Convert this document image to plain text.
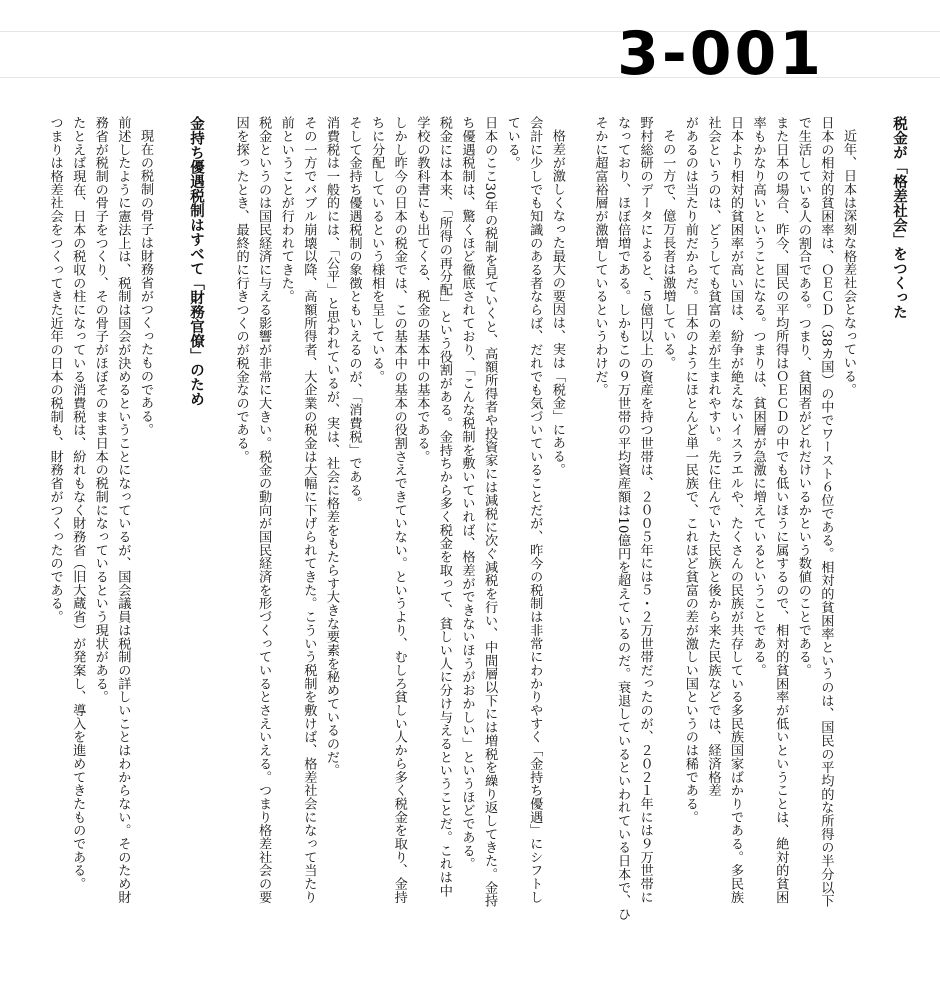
3-001
税金が「格差社会」をつくった

近年、日本は深刻な格差社会となっている。
日本の相対的貧困率は、ＯＥＣＤ（38カ国）の中でワースト６位である。相対的貧困率というのは、国民の平均的な所得の半分以下
で生活している人の割合である。つまり、貧困者がどれだけいるかという数値のことである。
また日本の場合、昨今、国民の平均所得はＯＥＣＤの中でも低いほうに属するので、相対的貧困率が低いということは、絶対的貧困
率もかなり高いということになる。つまりは、貧困層が急激に増えているということである。
日本より相対的貧困率が高い国は、紛争が絶えないイスラエルや、たくさんの民族が共存している多民族国家ばかりである。多民族
社会というのは、どうしても貧富の差が生まれやすい。先に住んでいた民族と後から来た民族などでは、経済格差
があるのは当たり前だからだ。日本のようにほとんど単一民族で、これほど貧富の差が激しい国というのは稀である。

その一方で、億万長者は激増している。
野村総研のデータによると、５億円以上の資産を持つ世帯は、２００５年には５・２万世帯だったのが、２０２１年には９万世帯に
なっており、ほぼ倍増である。しかもこの９万世帯の平均資産額は10億円を超えているのだ。衰退しているといわれている日本で、ひ
そかに超富裕層が激増しているというわけだ。

格差が激しくなった最大の要因は、実は「税金」にある。
会計に少しでも知識のある者ならば、だれでも気づいていることだが、昨今の税制は非常にわかりやすく「金持ち優遇」にシフトし
ている。
日本のここ30年の税制を見ていくと、高額所得者や投資家には減税に次ぐ減税を行い、中間層以下には増税を繰り返してきた。金持
ち優遇税制は、驚くほど徹底されており、「こんな税制を敷いていれば、格差ができないほうがおかしい」というほどである。
税金には本来、「所得の再分配」という役割がある。金持ちから多く税金を取って、貧しい人に分け与えるということだ。これは中
学校の教科書にも出てくる、税金の基本中の基本である。
しかし昨今の日本の税金では、この基本中の基本の役割さえできていない。というより、むしろ貧しい人から多く税金を取り、金持
ちに分配しているという様相を呈している。
そして金持ち優遇税制の象徴ともいえるのが、「消費税」である。
消費税は一般的には、「公平」と思われているが、実は、社会に格差をもたらす大きな要素を秘めているのだ。
その一方でバブル崩壊以降、高額所得者、大企業の税金は大幅に下げられてきた。こういう税制を敷けば、格差社会になって当たり
前ということが行われてきた。
税金というのは国民経済に与える影響が非常に大きい。税金の動向が国民経済を形づくっているとさえいえる。つまり格差社会の要
因を探ったとき、最終的に行きつくのが税金なのである。

金持ち優遇税制はすべて「財務官僚」のため

現在の税制の骨子は財務省がつくったものである。
前述したように憲法上は、税制は国会が決めるということになっているが、国会議員は税制の詳しいことはわからない。そのため財
務省が税制の骨子をつくり、その骨子がほぼそのまま日本の税制になっているという現状がある。
たとえば現在、日本の税収の柱になっている消費税は、紛れもなく財務省（旧大蔵省）が発案し、導入を進めてきたものである。
つまりは格差社会をつくってきた近年の日本の税制も、財務省がつくったのである。
